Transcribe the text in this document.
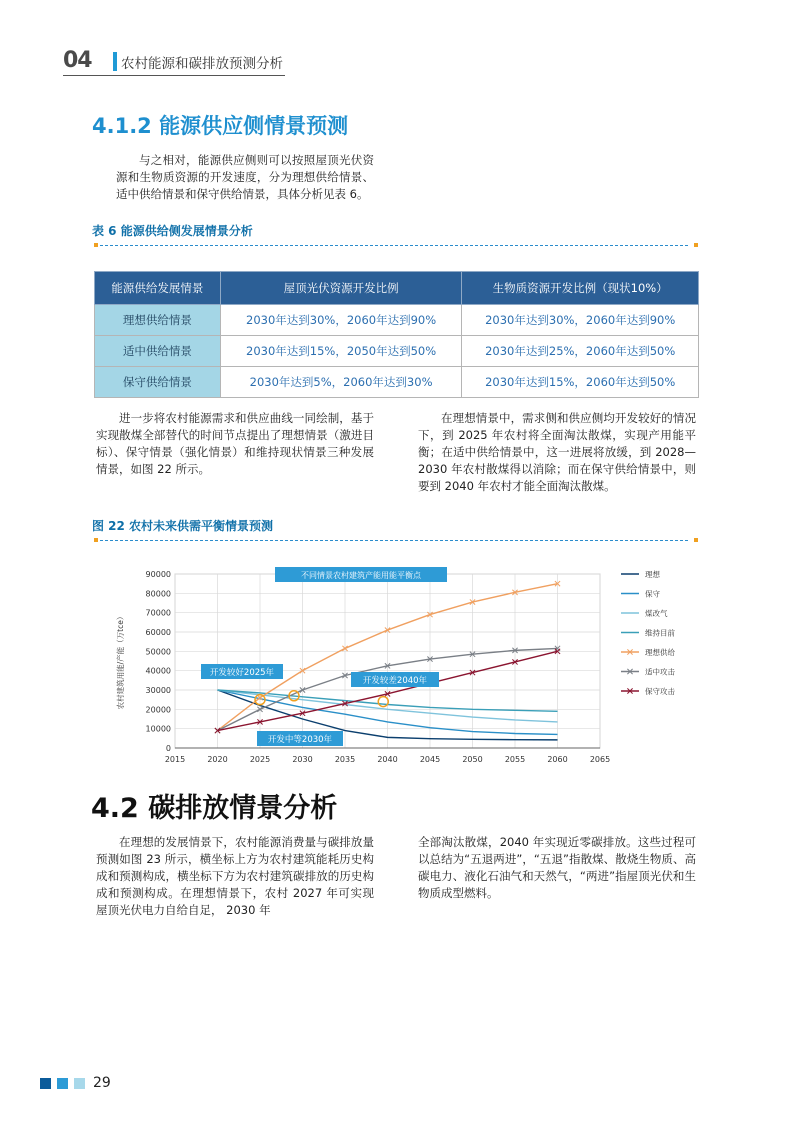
04 农村能源和碳排放预测分析
4.1.2 能源供应侧情景预测
与之相对，能源供应侧则可以按照屋顶光伏资源和生物质资源的开发速度，分为理想供给情景、适中供给情景和保守供给情景，具体分析见表 6。
表 6 能源供给侧发展情景分析
能源供给发展情景	屋顶光伏资源开发比例	生物质资源开发比例（现状10%）
理想供给情景	2030年达到30%，2060年达到90%	2030年达到30%，2060年达到90%
适中供给情景	2030年达到15%，2050年达到50%	2030年达到25%，2060年达到50%
保守供给情景	2030年达到5%，2060年达到30%	2030年达到15%，2060年达到50%
进一步将农村能源需求和供应曲线一同绘制，基于实现散煤全部替代的时间节点提出了理想情景（激进目标）、保守情景（强化情景）和维持现状情景三种发展情景，如图 22 所示。
在理想情景中，需求侧和供应侧均开发较好的情况下，到 2025 年农村将全面淘汰散煤，实现产用能平衡；在适中供给情景中，这一进展将放缓，到 2028—2030 年农村散煤得以消除；而在保守供给情景中，则要到 2040 年农村才能全面淘汰散煤。
图 22 农村未来供需平衡情景预测
0
10000
20000
30000
40000
50000
60000
70000
80000
90000
2015	2020	2025	2030	2035	2040	2045	2050	2055	2060	2065
农村建筑用能/产能（万tce）
不同情景农村建筑产能用能平衡点
开发较好2025年
开发中等2030年
开发较差2040年
理想
保守
煤改气
维持目前
理想供给
适中攻击
保守攻击
4.2 碳排放情景分析
在理想的发展情景下，农村能源消费量与碳排放量预测如图 23 所示，横坐标上方为农村建筑能耗历史构成和预测构成，横坐标下方为农村建筑碳排放的历史构成和预测构成。在理想情景下，农村 2027 年可实现屋顶光伏电力自给自足， 2030 年
全部淘汰散煤，2040 年实现近零碳排放。这些过程可以总结为“五退两进”，“五退”指散煤、散烧生物质、高碳电力、液化石油气和天然气，“两进”指屋顶光伏和生物质成型燃料。
29
